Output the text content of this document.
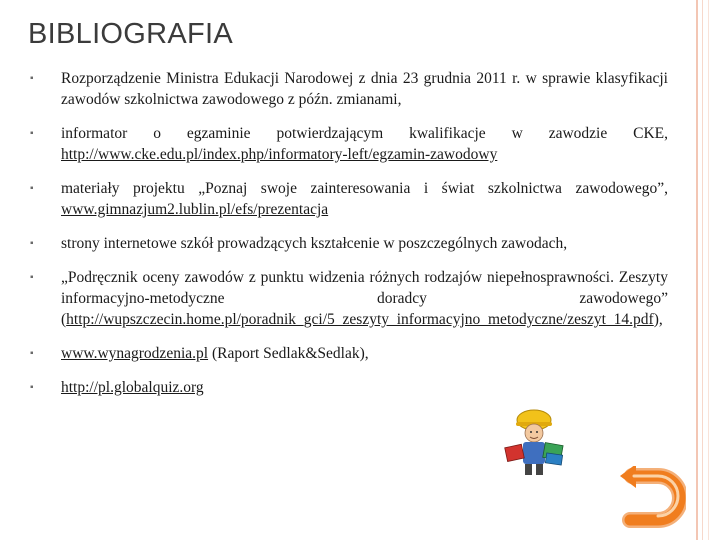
BIBLIOGRAFIA
▪ Rozporządzenie Ministra Edukacji Narodowej z dnia 23 grudnia 2011 r. w sprawie klasyfikacji zawodów szkolnictwa zawodowego z późn. zmianami,
▪ informator o egzaminie potwierdzającym kwalifikacje w zawodzie CKE, http://www.cke.edu.pl/index.php/informatory-left/egzamin-zawodowy
▪ materiały projektu „Poznaj swoje zainteresowania i świat szkolnictwa zawodowego”, www.gimnazjum2.lublin.pl/efs/prezentacja
▪ strony internetowe szkół prowadzących kształcenie w poszczególnych zawodach,
▪ „Podręcznik oceny zawodów z punktu widzenia różnych rodzajów niepełnosprawności. Zeszyty informacyjno-metodyczne doradcy zawodowego” (http://wupszczecin.home.pl/poradnik_gci/5_zeszyty_informacyjno_metodyczne/zeszyt_14.pdf),
▪ www.wynagrodzenia.pl (Raport Sedlak&Sedlak),
▪ http://pl.globalquiz.org
